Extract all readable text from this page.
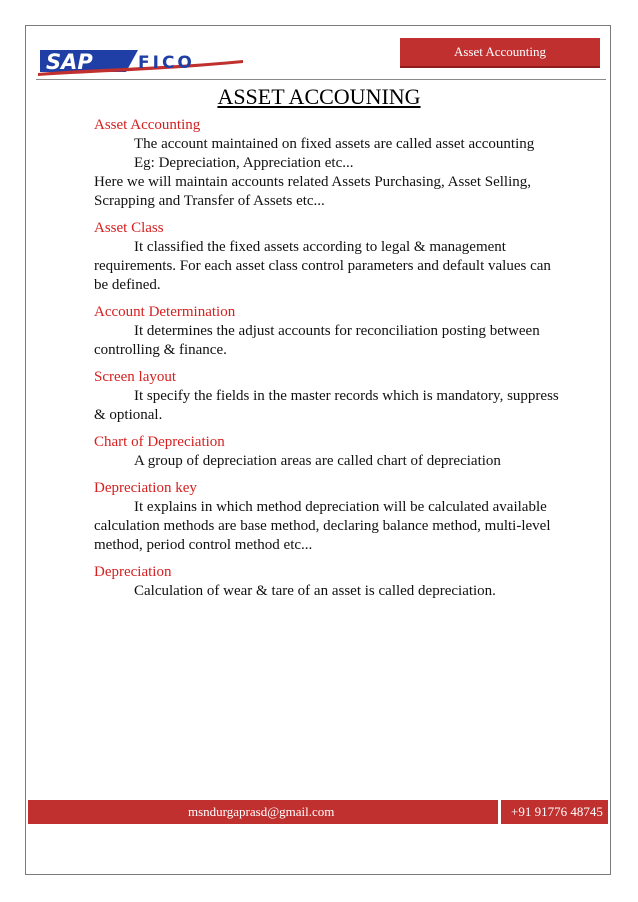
SAP	FICO
Asset Accounting
ASSET ACCOUNING

Asset Accounting

The account maintained on fixed assets are called asset accounting

Eg: Depreciation, Appreciation etc...

Here we will maintain accounts related Assets Purchasing, Asset Selling, Scrapping and Transfer of Assets etc...

Asset Class

It classified the fixed assets according to legal & management requirements. For each asset class control parameters and default values can be defined.

Account Determination

It determines the adjust accounts for reconciliation posting between controlling & finance.

Screen layout

It specify the fields in the master records which is mandatory, suppress & optional.

Chart of Depreciation

A group of depreciation areas are called chart of depreciation

Depreciation key

It explains in which method depreciation will be calculated available calculation methods are base method, declaring balance method, multi-level method, period control method etc...

Depreciation

Calculation of wear & tare of an asset is called depreciation.

msndurgaprasd@gmail.com	+91 91776 48745
